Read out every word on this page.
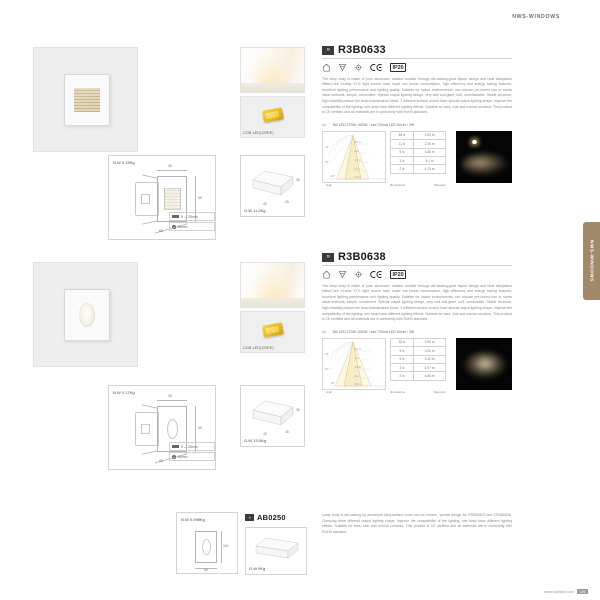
NWS-WINDOWS
NWS-WINDOWS
COB LED(CREE)
N.W 0.15Kg
38
65
68
5 — 25mm
86mm
36
40	45
G.W 11.2Kg
» R3B0633
IP20
The lamp body is made of pure aluminum, radiator molded through die-casting,good layout design and heat dissipation effect,Cree XLamp XT-E light source have super low power consumption, high efficiency and energy saving features, excellent lighting performance and lighting quality. Suitable for indoor environments, can choose pre-buried box or screw instal methods, simple, convenient. Special output lighting design, very well anti-glare, soft, nonetheliable. Stable structure, high reliability,reduce the lamp maintenance times. 3 different surface covers have special output lighting shape, improve the compatibility of the lighting, one lamp have different lighting effects. Suitable for bars, club and normal corridors. This product is CE certified and all materials are in conformity with RoHS standard.
Art 3W LED 2700K-3000K / incl.700mA LED Driver / 3W
0.5 m
1 m
1.5 m
2 m
2.5 m
30°
60°
90°
High
48 lx	1.60 m
11 lx	2.36 m
5 lx	3.38 m
3 lx	4.1 m
2 lx	4.73 m
Illuminance	Diameter
COB LED(CREE)
N.W 0.17Kg
38
65
68
5 — 25mm
86mm
36
40	45
G.W 13.5Kg
» R3B0638
IP20
The lamp body is made of pure aluminum, radiator molded through die-casting,good layout design and heat dissipation effect,Cree XLamp XT-E light source have super low power consumption, high efficiency and energy saving features, excellent lighting performance and lighting quality. Suitable for indoor environments, can choose pre-buried box or screw instal methods, simple, convenient. Special output lighting design, very well anti-glare, soft, comfortable. Stable structure, high reliability,reduce the lamp maintenance times. 3 different surface covers have special output lighting shape, improve the compatibility of the lighting, one lamp have different lighting effects. Suitable for bars, club and normal corridors. This product is CE certified and all materials are in conformity with RoHS standard.
Art 3W LED 2700K-3000K / incl.700mA LED Driver / 3W
0.5 m
1 m
1.5 m
2 m
2.5 m
30°
60°
90°
High
32 lx	2.50 m
9 lx	3.06 m
5 lx	3.42 m
3 lx	4.07 m
2 lx	4.86 m
Illuminance	Diameter
N.W 0.098Kg
116
86
» AB0250
G.W 9Kg
Lamp body is die-casting by aluminium alloy,surface cover can be chosen, special design for CRDB0633 and CRDB0638. Choosing three different output lighting shape, improve the compatibility of the lighting, one lamp have different lighting effects. Suitable for bars, club and normal corridors. This product is CE certified and all materials are in conformity with ROHS standard.
www.nwllision.com	026
